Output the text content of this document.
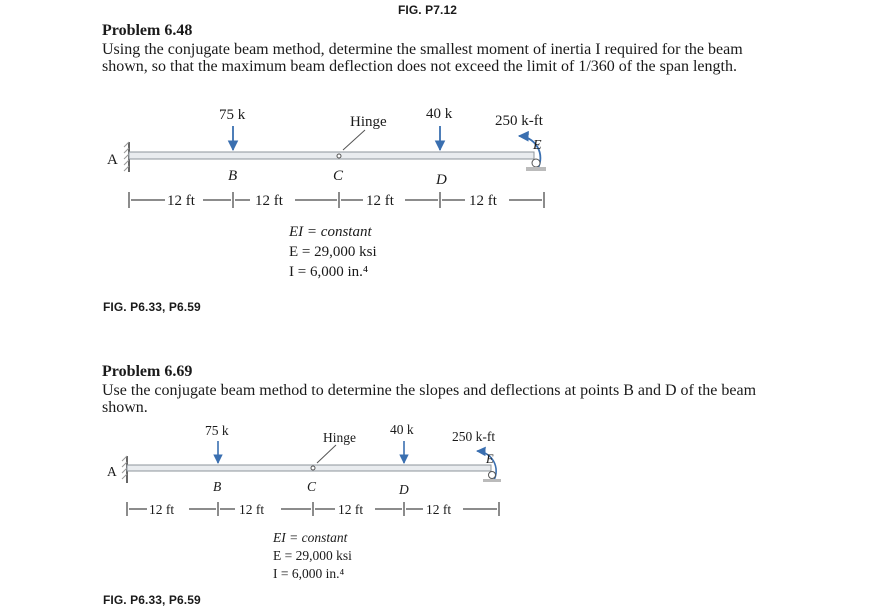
FIG. P7.12
Problem 6.48
Using the conjugate beam method, determine the smallest moment of inertia I required for the beam shown, so that the maximum beam deflection does not exceed the limit of 1/360 of the span length.
75 k	Hinge	40 k	250 k-ft
A
E
B	C	D
12 ft	12 ft	12 ft	12 ft
EI = constant
E = 29,000 ksi
I = 6,000 in.⁴
FIG. P6.33, P6.59
Problem 6.69
Use the conjugate beam method to determine the slopes and deflections at points B and D of the beam shown.
75 k	Hinge
40 k	250 k-ft
A
E
B	C	D
12 ft	12 ft	12 ft	12 ft
EI = constant
E = 29,000 ksi
I = 6,000 in.⁴
FIG. P6.33, P6.59
